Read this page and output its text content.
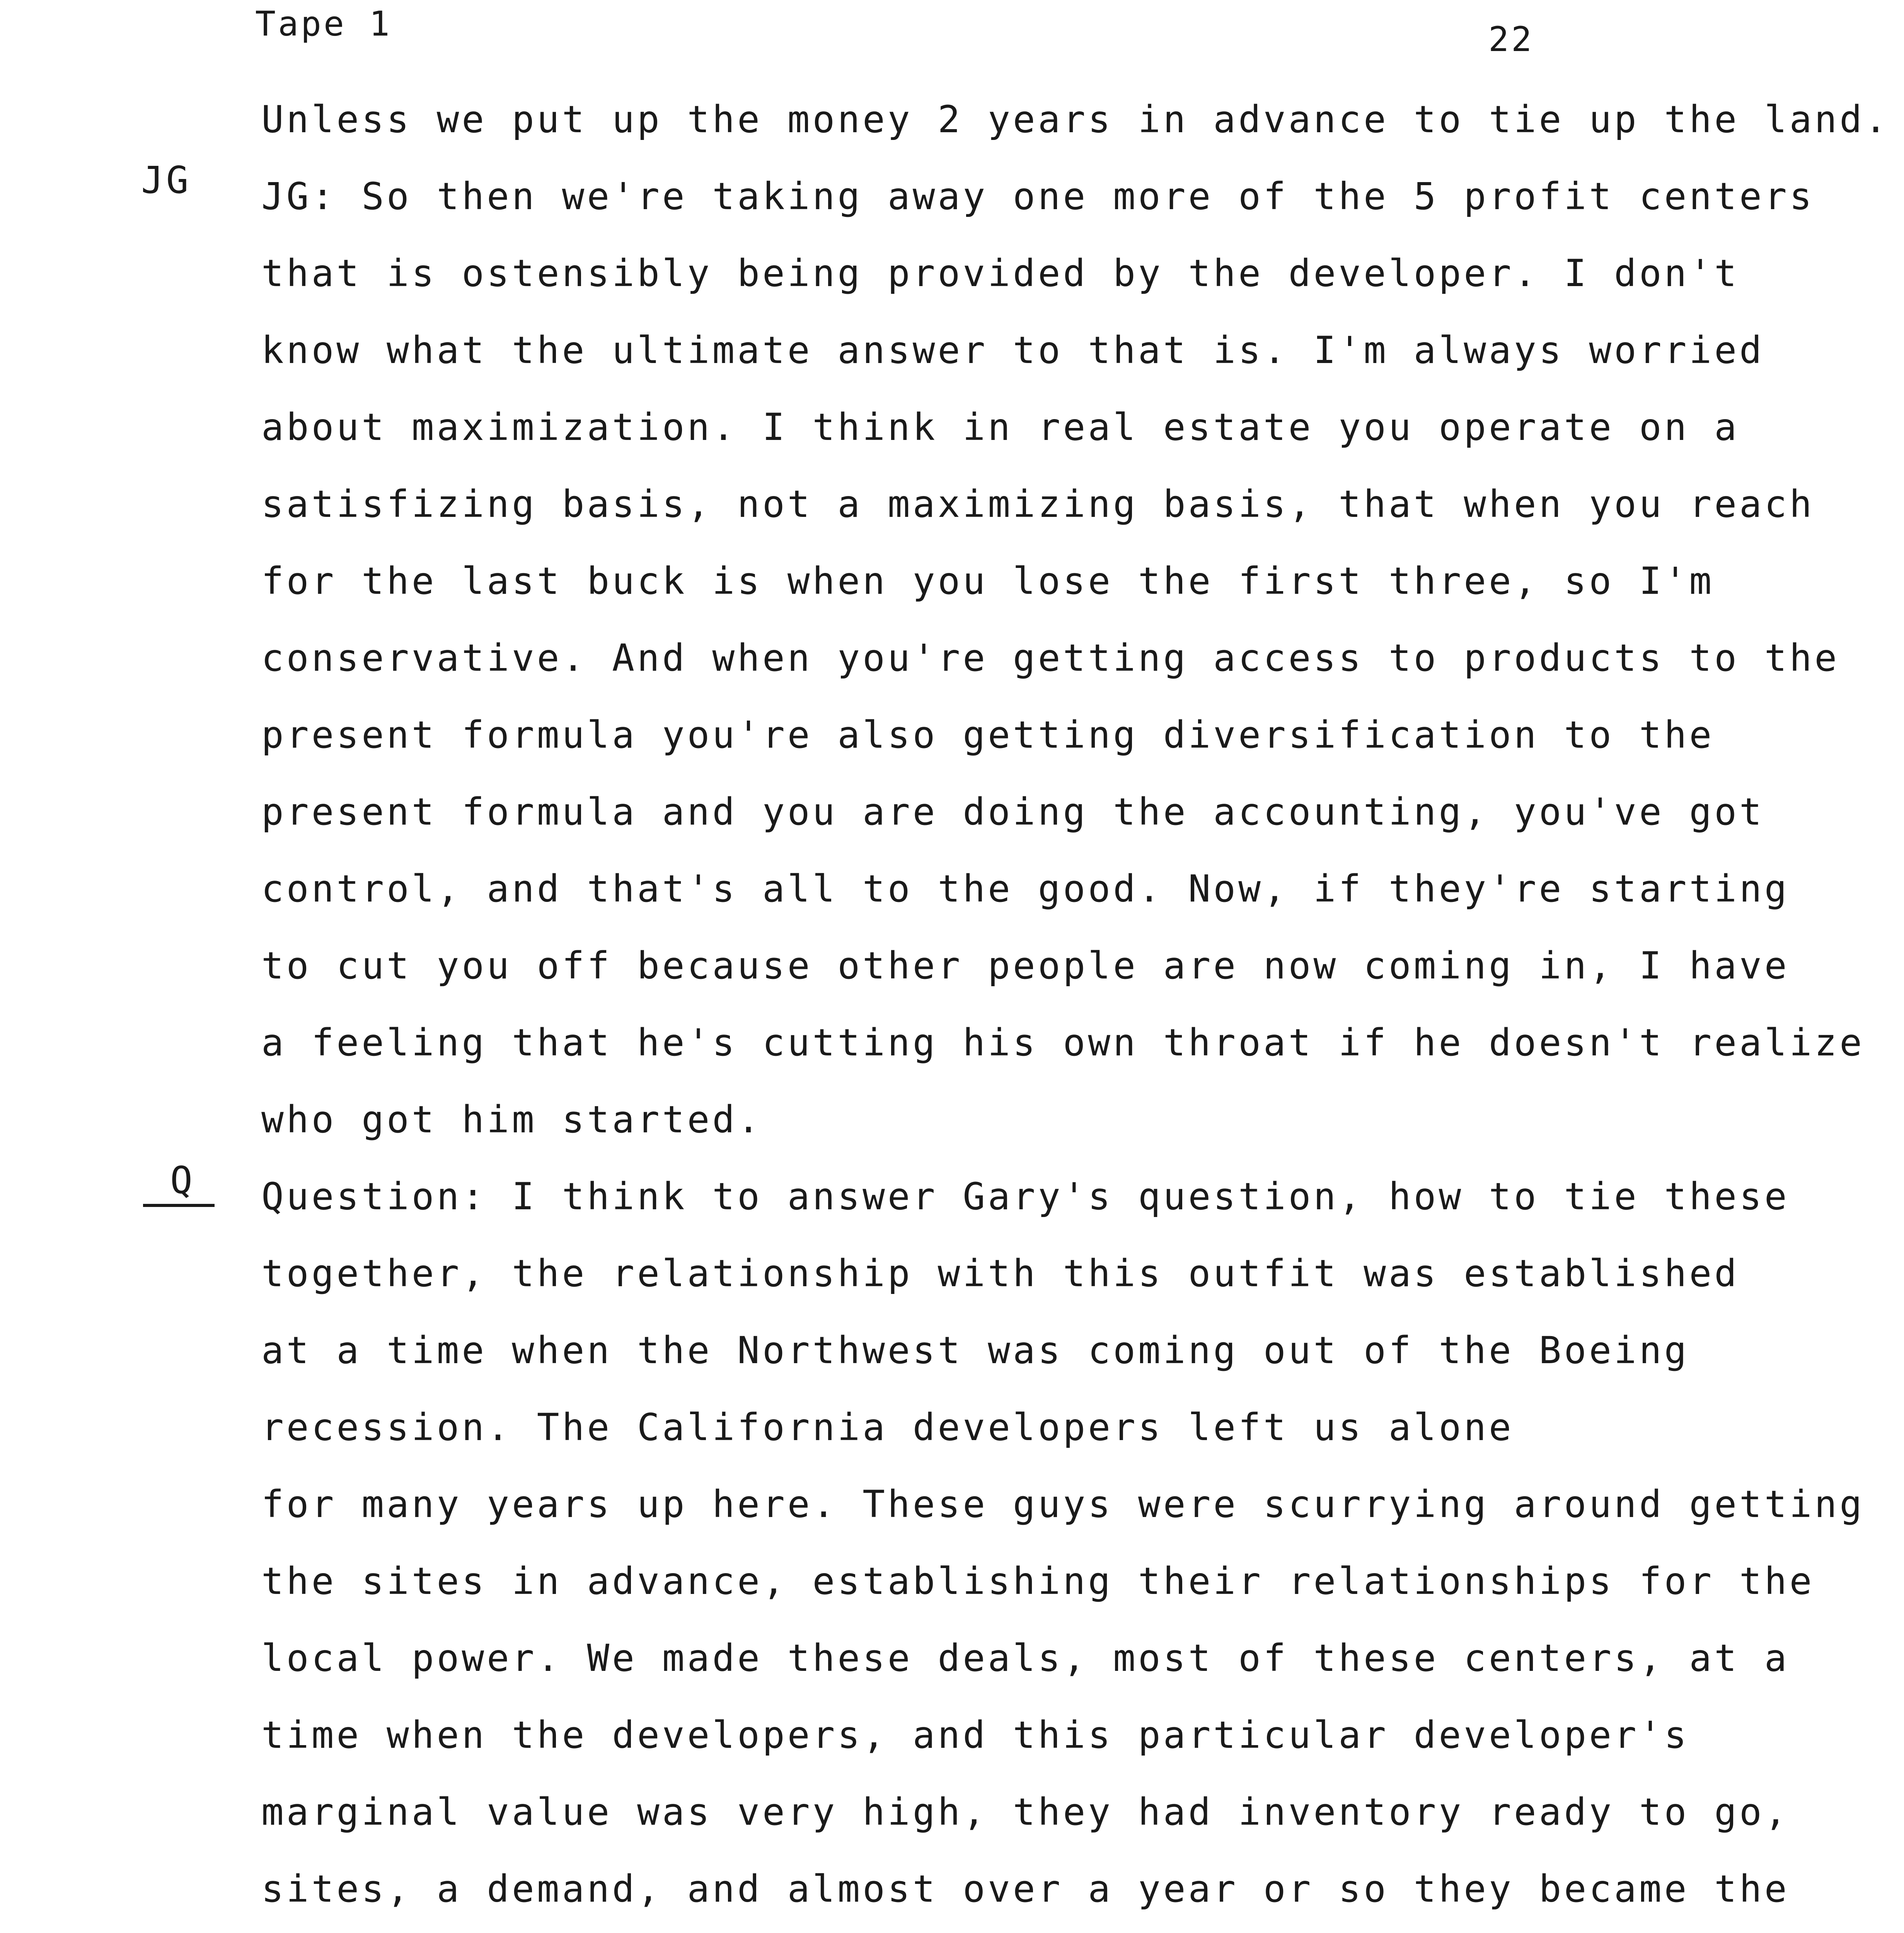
Tape 1	22
JG
Q
Unless we put up the money 2 years in advance to tie up the land.
JG: So then we're taking away one more of the 5 profit centers
that is ostensibly being provided by the developer. I don't
know what the ultimate answer to that is. I'm always worried
about maximization. I think in real estate you operate on a
satisfizing basis, not a maximizing basis, that when you reach
for the last buck is when you lose the first three, so I'm
conservative. And when you're getting access to products to the
present formula you're also getting diversification to the
present formula and you are doing the accounting, you've got
control, and that's all to the good. Now, if they're starting
to cut you off because other people are now coming in, I have
a feeling that he's cutting his own throat if he doesn't realize
who got him started.
Question: I think to answer Gary's question, how to tie these
together, the relationship with this outfit was established
at a time when the Northwest was coming out of the Boeing
recession. The California developers left us alone
for many years up here. These guys were scurrying around getting
the sites in advance, establishing their relationships for the
local power. We made these deals, most of these centers, at a
time when the developers, and this particular developer's
marginal value was very high, they had inventory ready to go,
sites, a demand, and almost over a year or so they became the
